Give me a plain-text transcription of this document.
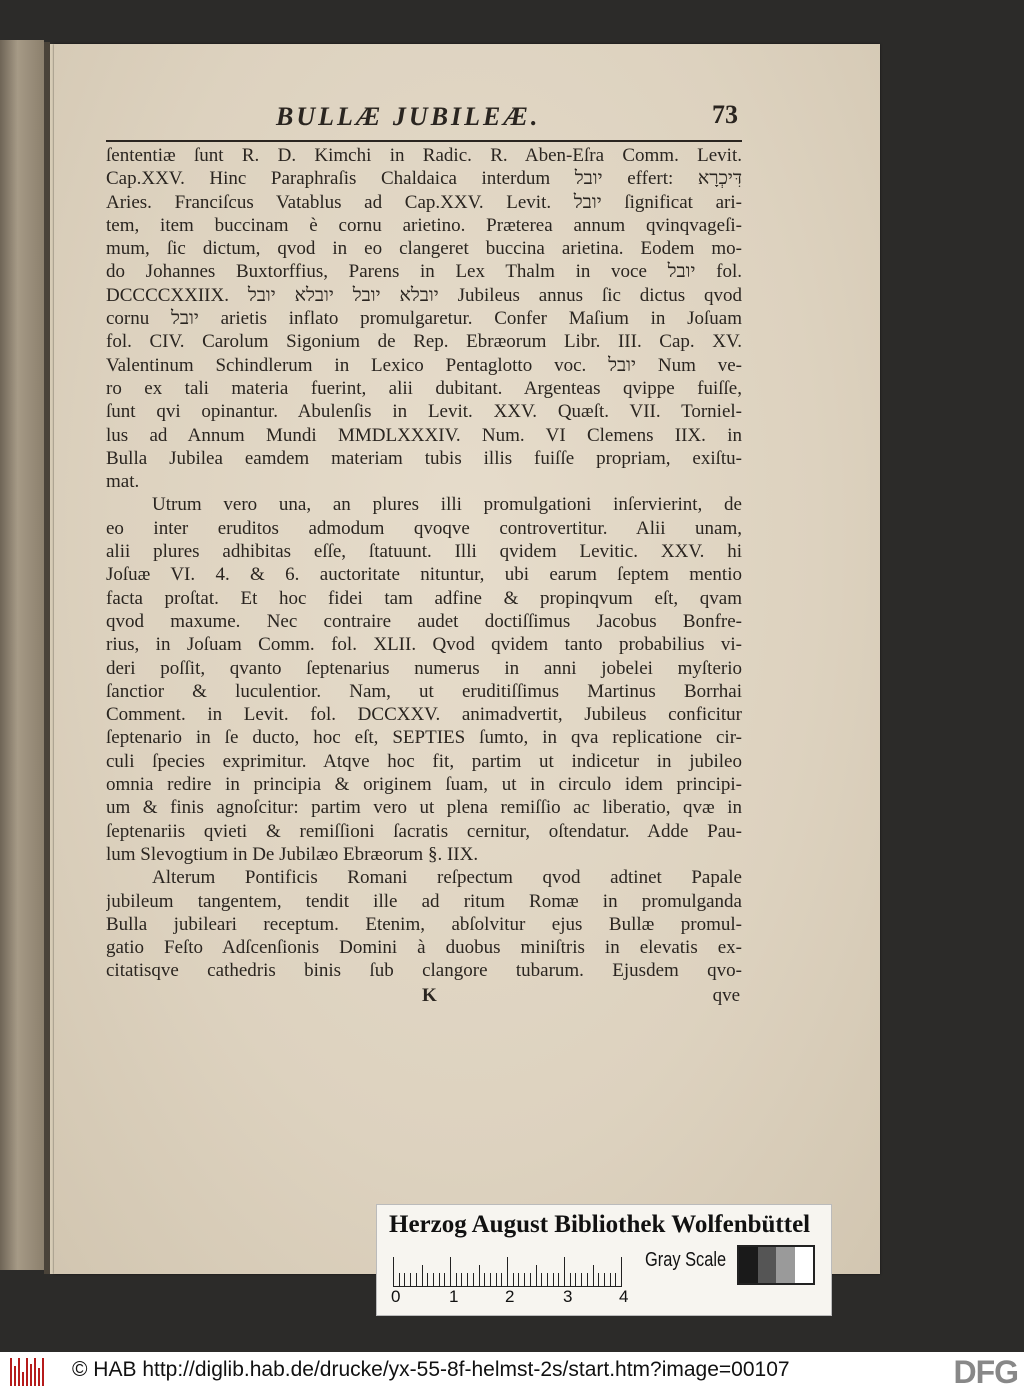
BULLÆ JUBILEÆ.	73
ſententiæ ſunt R. D. Kimchi in Radic. R. Aben-Eſra Comm. Levit.
Cap.XXV. Hinc Paraphraſis Chaldaica interdum יובל effert: דִּיכְרָא
Aries. Franciſcus Vatablus ad Cap.XXV. Levit. יובל ſignificat ari-
tem, item buccinam è cornu arietino. Præterea annum qvinqvageſi-
mum, ſic dictum, qvod in eo clangeret buccina arietina. Eodem mo-
do Johannes Buxtorffius, Parens in Lex Thalm in voce יובל fol.
DCCCCXXIIX. יובלא יובל יובלא יובל Jubileus annus ſic dictus qvod
cornu יובל arietis inflato promulgaretur. Confer Maſium in Joſuam
fol. CIV. Carolum Sigonium de Rep. Ebræorum Libr. III. Cap. XV.
Valentinum Schindlerum in Lexico Pentaglotto voc. יובל Num ve-
ro ex tali materia fuerint, alii dubitant. Argenteas qvippe fuiſſe,
ſunt qvi opinantur. Abulenſis in Levit. XXV. Quæſt. VII. Torniel-
lus ad Annum Mundi MMDLXXXIV. Num. VI Clemens IIX. in
Bulla Jubilea eamdem materiam tubis illis fuiſſe propriam, exiſtu-
mat.
Utrum vero una, an plures illi promulgationi inſervierint, de
eo inter eruditos admodum qvoqve controvertitur. Alii unam,
alii plures adhibitas eſſe, ſtatuunt. Illi qvidem Levitic. XXV. hi
Joſuæ VI. 4. & 6. auctoritate nituntur, ubi earum ſeptem mentio
facta proſtat. Et hoc fidei tam adfine & propinqvum eſt, qvam
qvod maxume. Nec contraire audet doctiſſimus Jacobus Bonfre-
rius, in Joſuam Comm. fol. XLII. Qvod qvidem tanto probabilius vi-
deri poſſit, qvanto ſeptenarius numerus in anni jobelei myſterio
ſanctior & luculentior. Nam, ut eruditiſſimus Martinus Borrhai
Comment. in Levit. fol. DCCXXV. animadvertit, Jubileus conficitur
ſeptenario in ſe ducto, hoc eſt, SEPTIES ſumto, in qva replicatione cir-
culi ſpecies exprimitur. Atqve hoc fit, partim ut indicetur in jubileo
omnia redire in principia & originem ſuam, ut in circulo idem principi-
um & finis agnoſcitur: partim vero ut plena remiſſio ac liberatio, qvæ in
ſeptenariis qvieti & remiſſioni ſacratis cernitur, oſtendatur. Adde Pau-
lum Slevogtium in De Jubilæo Ebræorum §. IIX.
Alterum Pontificis Romani reſpectum qvod adtinet Papale
jubileum tangentem, tendit ille ad ritum Romæ in promulganda
Bulla jubileari receptum. Etenim, abſolvitur ejus Bullæ promul-
gatio Feſto Adſcenſionis Domini à duobus miniſtris in elevatis ex-
citatisqve cathedris binis ſub clangore tubarum. Ejusdem qvo-
K	qve
Herzog August Bibliothek Wolfenbüttel
0	1	2	3	4
Gray Scale
© HAB http://diglib.hab.de/drucke/yx-55-8f-helmst-2s/start.htm?image=00107	DFG
